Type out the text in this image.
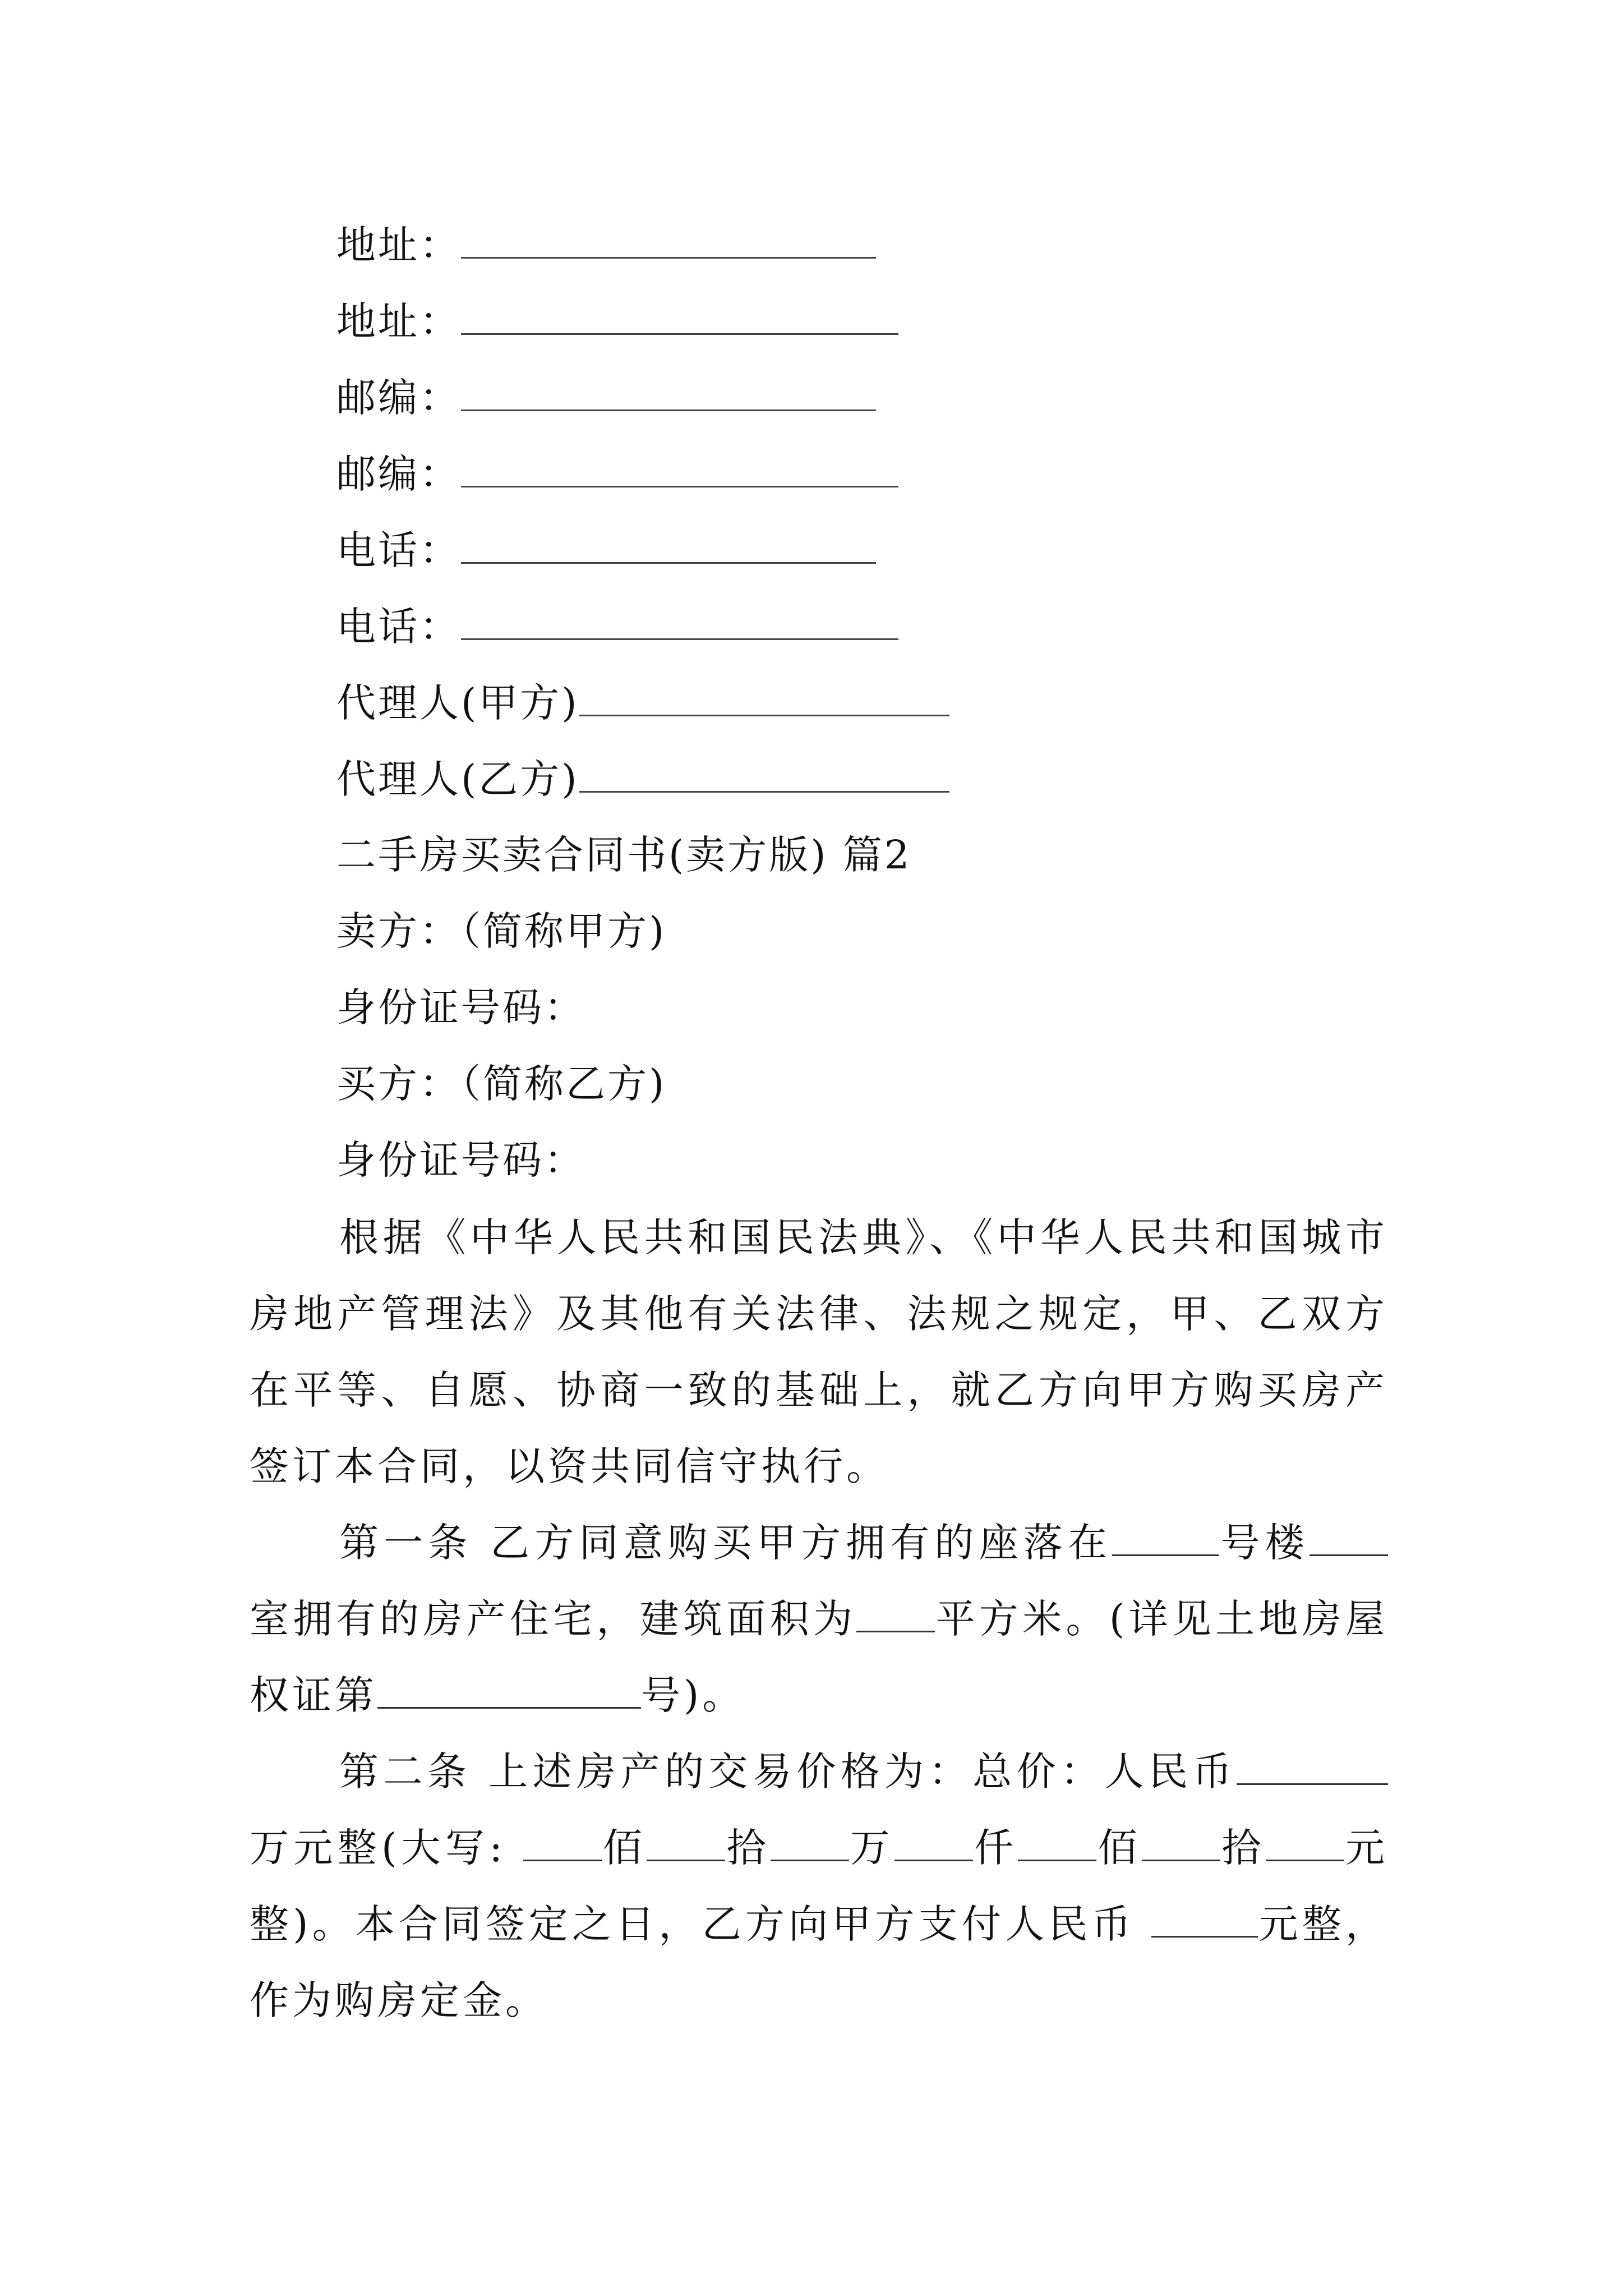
地址：
地址：
邮编：
邮编：
电话：
电话：
代理人(甲方)
代理人(乙方)
二手房买卖合同书(卖方版) 篇2
卖方：（简称甲方)
身份证号码：
买方：（简称乙方)
身份证号码：
根据《中华人民共和国民法典》、《中华人民共和国城市房地产管理法》及其他有关法律、法规之规定，甲、乙双方在平等、自愿、协商一致的基础上，就乙方向甲方购买房产签订本合同，以资共同信守执行。
第一条 乙方同意购买甲方拥有的座落在	号楼室拥有的房产住宅，建筑面积为 平方米。(详见土地房屋权证第	号)。
第二条 上述房产的交易价格为：总价：人民币万元整(大写: 佰 拾 万 仟 佰 拾 元整)。本合同签定之日，乙方向甲方支付人民币	元整，作为购房定金。
